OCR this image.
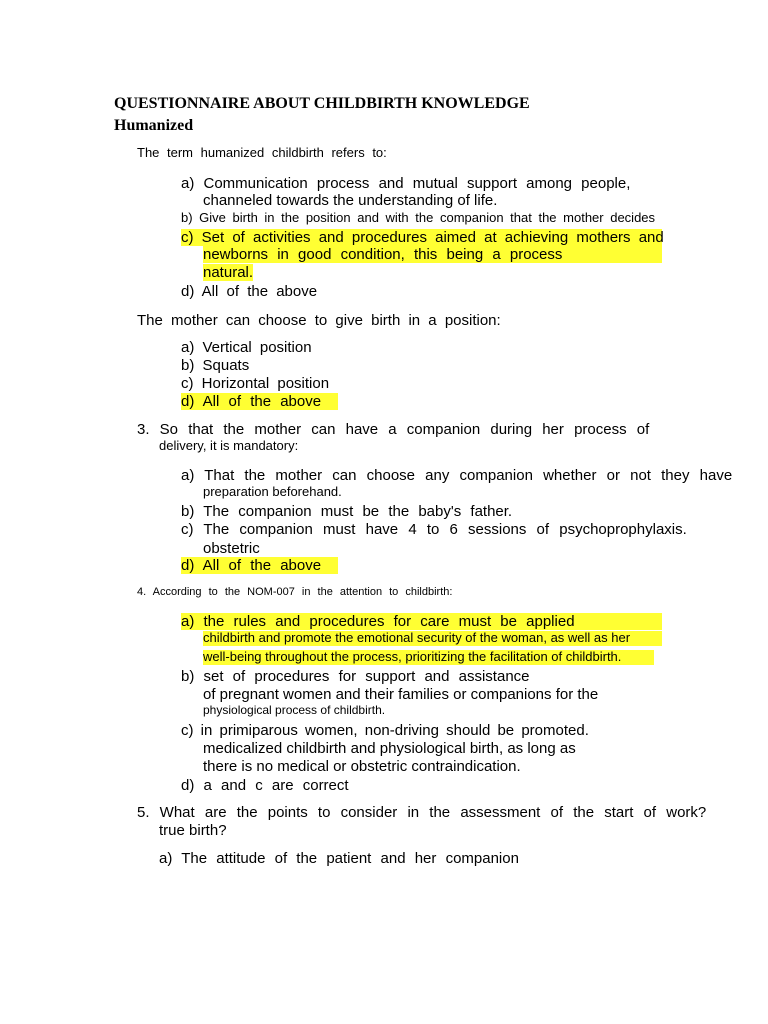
QUESTIONNAIRE ABOUT CHILDBIRTH KNOWLEDGE
Humanized
The term humanized childbirth refers to:
a) Communication process and mutual support among people,
channeled towards the understanding of life.
b) Give birth in the position and with the companion that the mother decides
c) Set of activities and procedures aimed at achieving mothers and
newborns in good condition, this being a process
natural.
d) All of the above
The mother can choose to give birth in a position:
a) Vertical position
b) Squats
c) Horizontal position
d) All of the above
3. So that the mother can have a companion during her process of
delivery, it is mandatory:
a) That the mother can choose any companion whether or not they have
preparation beforehand.
b) The companion must be the baby's father.
c) The companion must have 4 to 6 sessions of psychoprophylaxis.
obstetric
d) All of the above
4. According to the NOM-007 in the attention to childbirth:
a) the rules and procedures for care must be applied
childbirth and promote the emotional security of the woman, as well as her
well-being throughout the process, prioritizing the facilitation of childbirth.
b) set of procedures for support and assistance
of pregnant women and their families or companions for the
physiological process of childbirth.
c) in primiparous women, non-driving should be promoted.
medicalized childbirth and physiological birth, as long as
there is no medical or obstetric contraindication.
d) a and c are correct
5. What are the points to consider in the assessment of the start of work?
true birth?
a) The attitude of the patient and her companion
